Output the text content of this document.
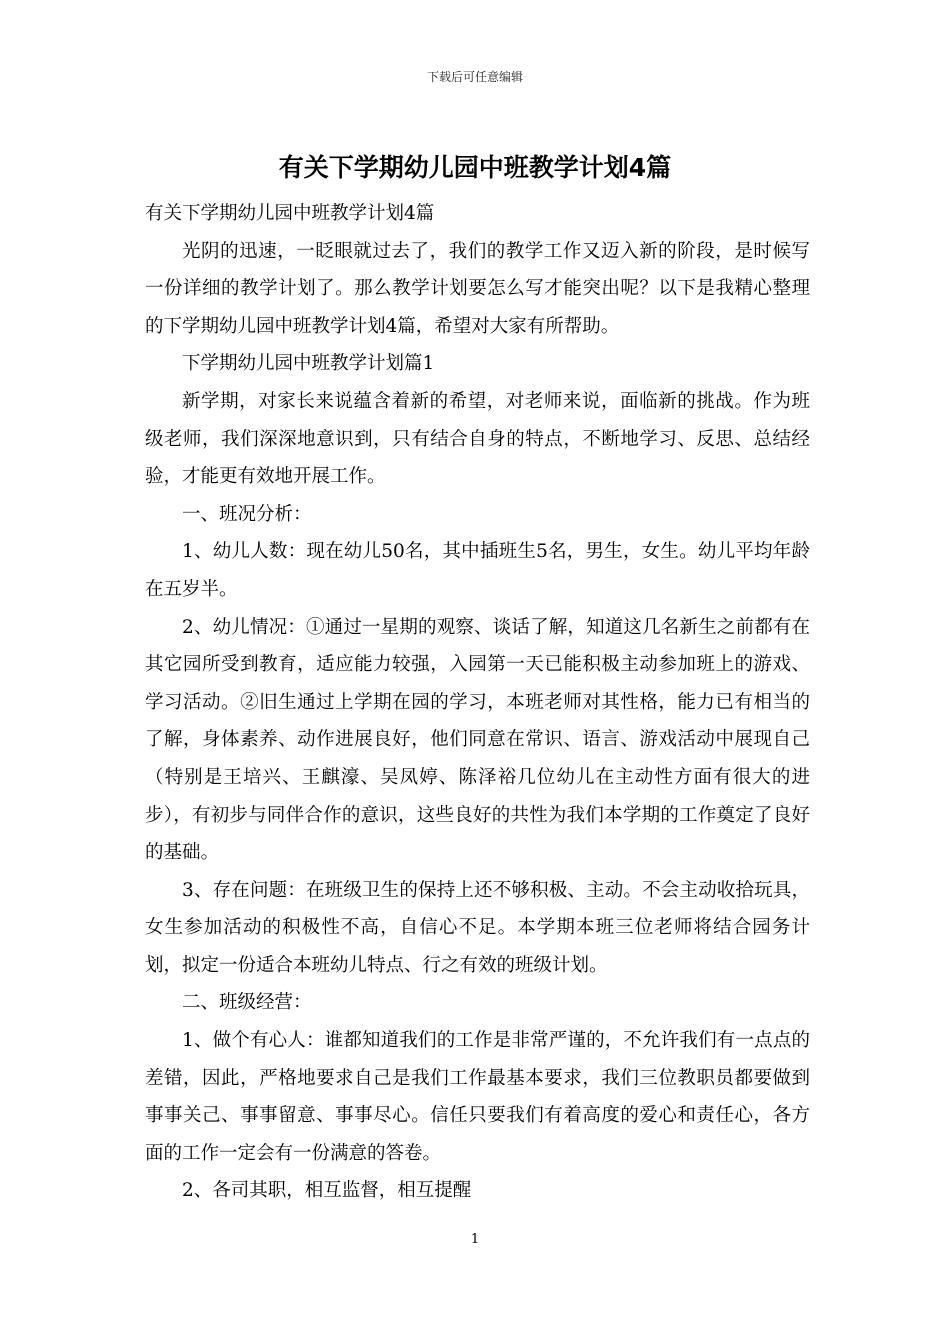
下载后可任意编辑
有关下学期幼儿园中班教学计划4篇

有关下学期幼儿园中班教学计划4篇

光阴的迅速，一眨眼就过去了，我们的教学工作又迈入新的阶段，是时候写一份详细的教学计划了。那么教学计划要怎么写才能突出呢？以下是我精心整理的下学期幼儿园中班教学计划4篇，希望对大家有所帮助。

下学期幼儿园中班教学计划篇1

新学期，对家长来说蕴含着新的希望，对老师来说，面临新的挑战。作为班级老师，我们深深地意识到，只有结合自身的特点，不断地学习、反思、总结经验，才能更有效地开展工作。

一、班况分析：

1、幼儿人数：现在幼儿50名，其中插班生5名，男生，女生。幼儿平均年龄在五岁半。

2、幼儿情况：①通过一星期的观察、谈话了解，知道这几名新生之前都有在其它园所受到教育，适应能力较强，入园第一天已能积极主动参加班上的游戏、学习活动。②旧生通过上学期在园的学习，本班老师对其性格，能力已有相当的了解，身体素养、动作进展良好，他们同意在常识、语言、游戏活动中展现自己（特别是王培兴、王麒濠、吴凤婷、陈泽裕几位幼儿在主动性方面有很大的进步），有初步与同伴合作的意识，这些良好的共性为我们本学期的工作奠定了良好的基础。

3、存在问题：在班级卫生的保持上还不够积极、主动。不会主动收拾玩具，女生参加活动的积极性不高，自信心不足。本学期本班三位老师将结合园务计划，拟定一份适合本班幼儿特点、行之有效的班级计划。

二、班级经营：

1、做个有心人：谁都知道我们的工作是非常严谨的，不允许我们有一点点的差错，因此，严格地要求自己是我们工作最基本要求，我们三位教职员都要做到事事关己、事事留意、事事尽心。信任只要我们有着高度的爱心和责任心，各方面的工作一定会有一份满意的答卷。

2、各司其职，相互监督，相互提醒

1
